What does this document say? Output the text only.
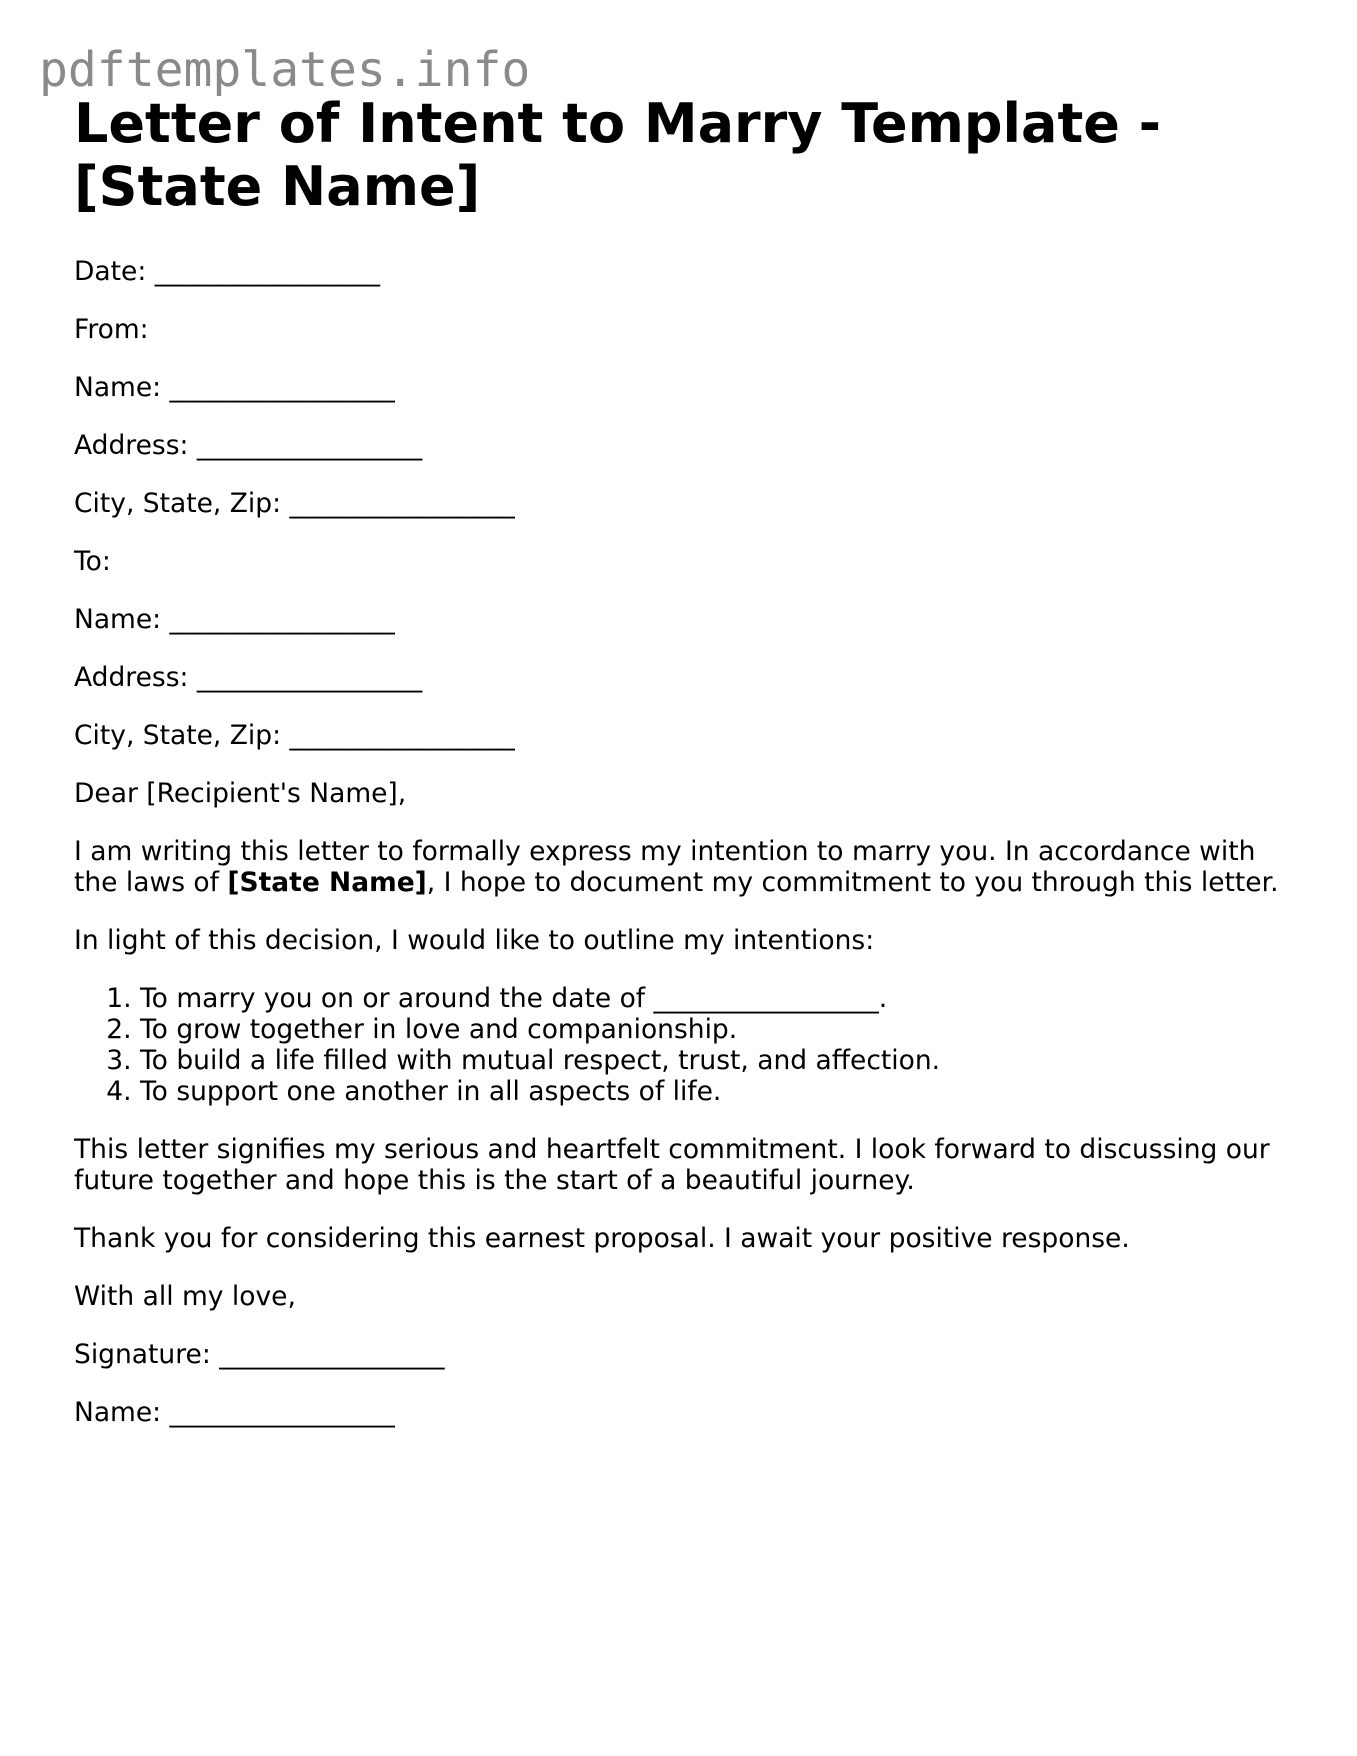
pdftemplates.info
Letter of Intent to Marry Template - [State Name]

Date: _________________

From:

Name: _________________

Address: _________________

City, State, Zip: _________________

To:

Name: _________________

Address: _________________

City, State, Zip: _________________

Dear [Recipient's Name],

I am writing this letter to formally express my intention to marry you. In accordance with the laws of [State Name], I hope to document my commitment to you through this letter.

In light of this decision, I would like to outline my intentions:

1. To marry you on or around the date of _________________.
2. To grow together in love and companionship.
3. To build a life filled with mutual respect, trust, and affection.
4. To support one another in all aspects of life.

This letter signifies my serious and heartfelt commitment. I look forward to discussing our future together and hope this is the start of a beautiful journey.

Thank you for considering this earnest proposal. I await your positive response.

With all my love,

Signature: _________________

Name: _________________
